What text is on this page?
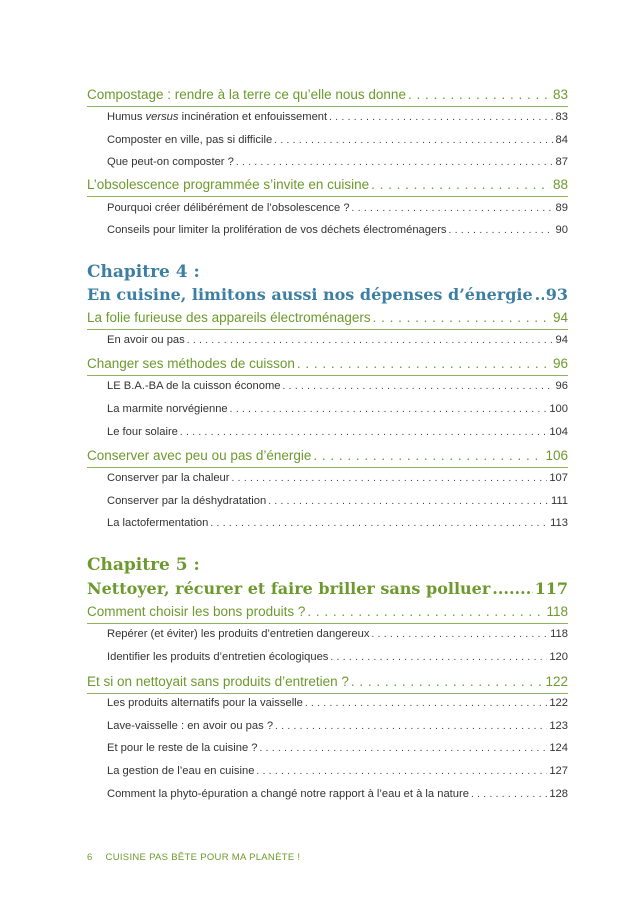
Compostage : rendre à la terre ce qu’elle nous donne . . .	83
Humus versus incinération et enfouissement . . .	83
Composter en ville, pas si difficile . . .	84
Que peut-on composter ? . . .	87
L’obsolescence programmée s’invite en cuisine . . .	88
Pourquoi créer délibérément de l’obsolescence ? . . .	89
Conseils pour limiter la prolifération de vos déchets électroménagers . . .	90
Chapitre 4 :
En cuisine, limitons aussi nos dépenses d’énergie ..... 93
La folie furieuse des appareils électroménagers . . .	94
En avoir ou pas . . .	94
Changer ses méthodes de cuisson . . .	96
LE B.A.-BA de la cuisson économe . . .	96
La marmite norvégienne . . .	100
Le four solaire . . .	104
Conserver avec peu ou pas d’énergie . . .	106
Conserver par la chaleur . . .	107
Conserver par la déshydratation . . .	111
La lactofermentation . . .	113
Chapitre 5 :
Nettoyer, récurer et faire briller sans polluer .....	117
Comment choisir les bons produits ? . . .	118
Repérer (et éviter) les produits d’entretien dangereux . . .	118
Identifier les produits d’entretien écologiques . . .	120
Et si on nettoyait sans produits d’entretien ? . . .	122
Les produits alternatifs pour la vaisselle . . .	122
Lave-vaisselle : en avoir ou pas ? . . .	123
Et pour le reste de la cuisine ? . . .	124
La gestion de l’eau en cuisine . . .	127
Comment la phyto-épuration a changé notre rapport à l’eau et à la nature . . .	128
6 CUISINE PAS BÊTE POUR MA PLANÈTE !
